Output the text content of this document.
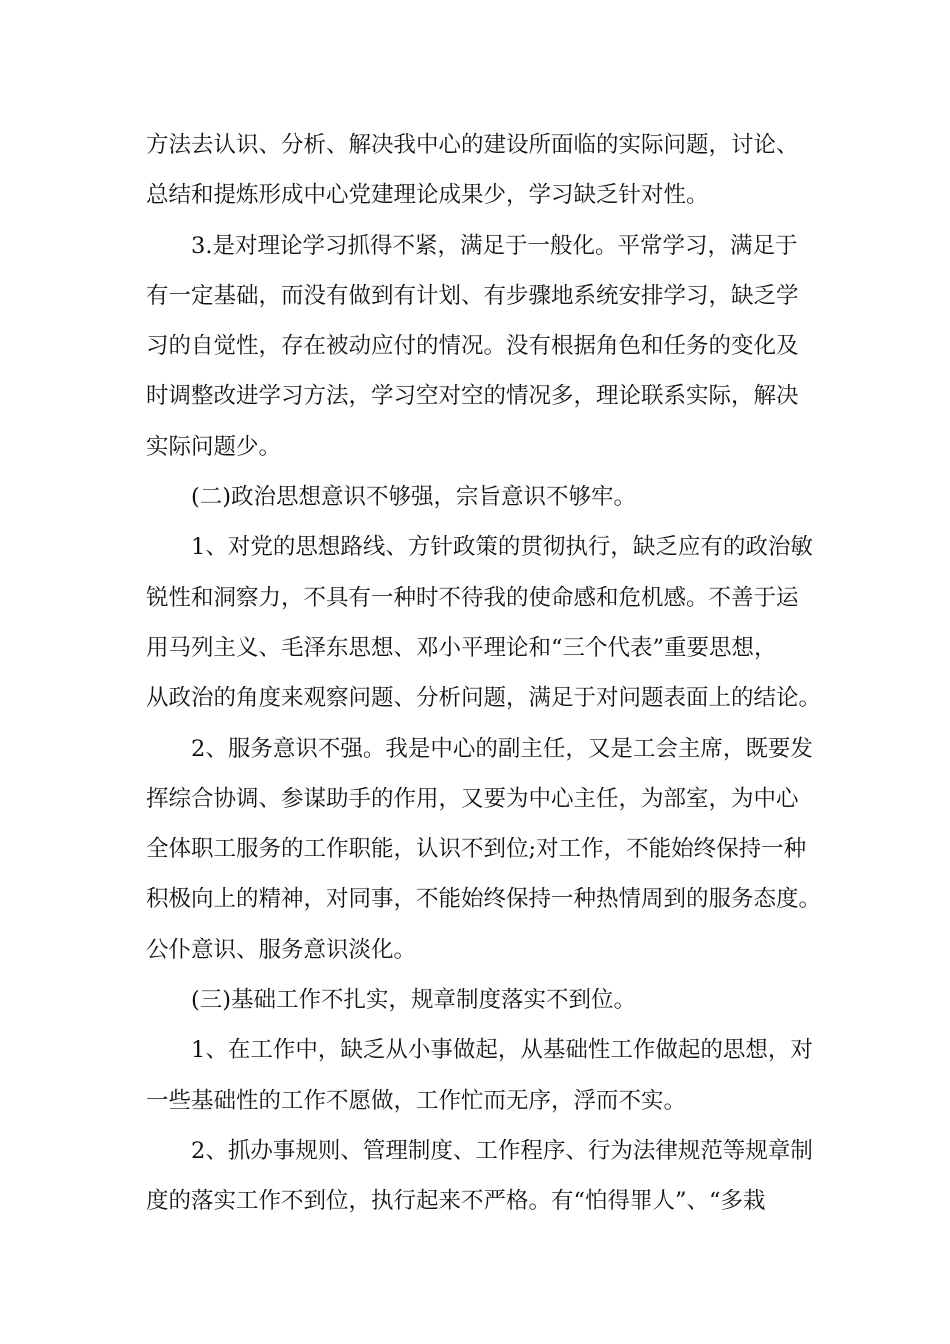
方法去认识、分析、解决我中心的建设所面临的实际问题，讨论、
总结和提炼形成中心党建理论成果少，学习缺乏针对性。
3.是对理论学习抓得不紧，满足于一般化。平常学习，满足于
有一定基础，而没有做到有计划、有步骤地系统安排学习，缺乏学
习的自觉性，存在被动应付的情况。没有根据角色和任务的变化及
时调整改进学习方法，学习空对空的情况多，理论联系实际，解决
实际问题少。
(二)政治思想意识不够强，宗旨意识不够牢。
1、对党的思想路线、方针政策的贯彻执行，缺乏应有的政治敏
锐性和洞察力，不具有一种时不待我的使命感和危机感。不善于运
用马列主义、毛泽东思想、邓小平理论和“三个代表”重要思想，
从政治的角度来观察问题、分析问题，满足于对问题表面上的结论。
2、服务意识不强。我是中心的副主任，又是工会主席，既要发
挥综合协调、参谋助手的作用，又要为中心主任，为部室，为中心
全体职工服务的工作职能，认识不到位;对工作，不能始终保持一种
积极向上的精神，对同事，不能始终保持一种热情周到的服务态度。
公仆意识、服务意识淡化。
(三)基础工作不扎实，规章制度落实不到位。
1、在工作中，缺乏从小事做起，从基础性工作做起的思想，对
一些基础性的工作不愿做，工作忙而无序，浮而不实。
2、抓办事规则、管理制度、工作程序、行为法律规范等规章制
度的落实工作不到位，执行起来不严格。有“怕得罪人”、“多栽
